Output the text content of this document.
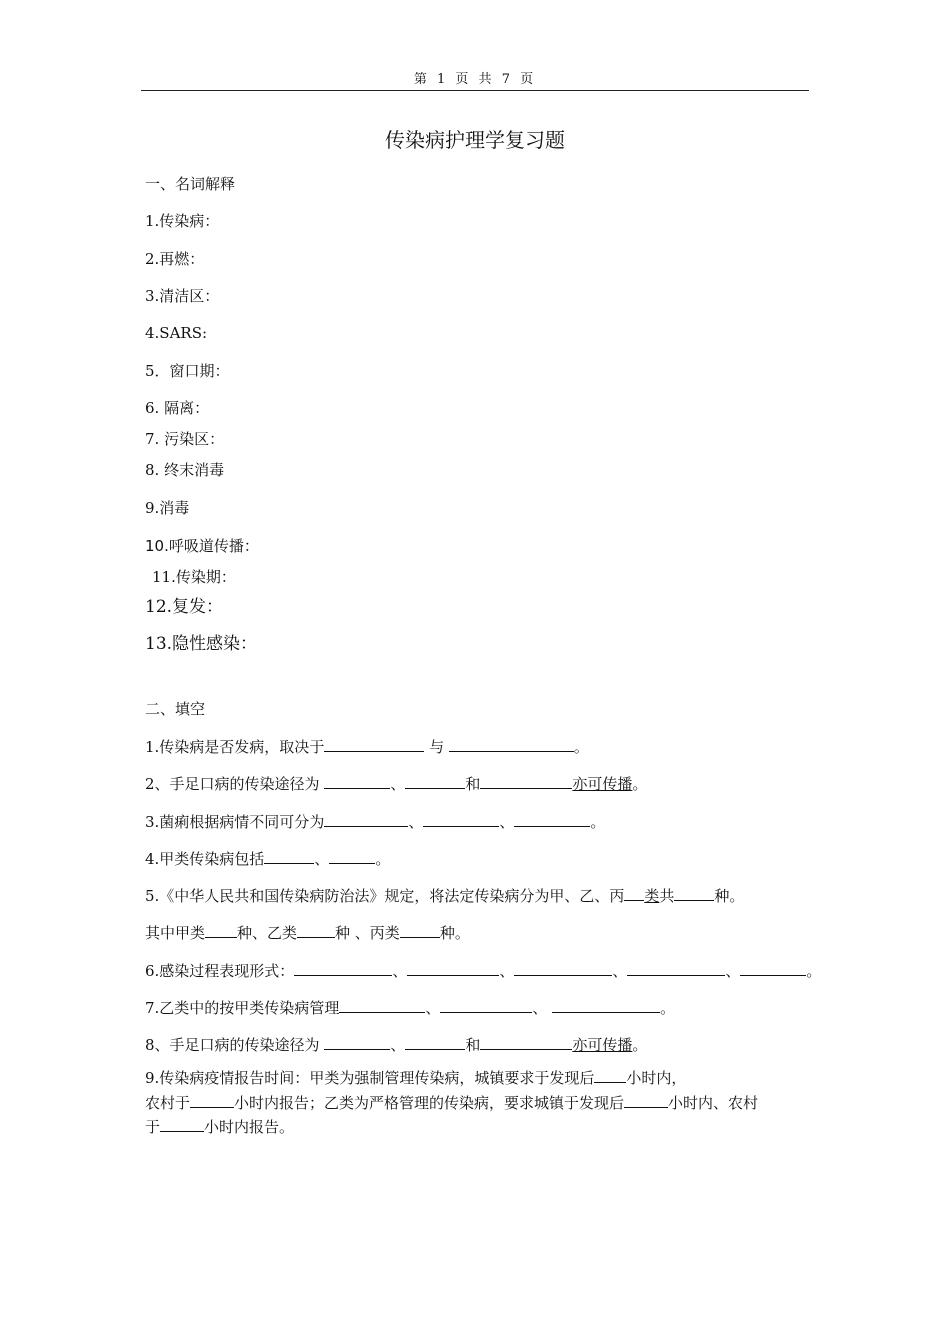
第 1 页 共 7 页
传染病护理学复习题
一、名词解释
1.传染病：
2.再燃：
3.清洁区：
4.SARS:
5．窗口期：
6. 隔离：
7. 污染区：
8. 终末消毒
9.消毒
10.呼吸道传播：
11.传染期：
12.复发：
13.隐性感染：
二、填空
1.传染病是否发病，取决于	与	。
2、手足口病的传染途径为	、	和	亦可传播。
3.菌痢根据病情不同可分为	、	、	。
4.甲类传染病包括	、	。
5.《中华人民共和国传染病防治法》规定，将法定传染病分为甲、乙、丙 类共	种。
其中甲类 种、乙类	种 、丙类	种。
6.感染过程表现形式：	、	、	、	、	。
7.乙类中的按甲类传染病管理	、	、	。
8、手足口病的传染途径为	、	和	亦可传播。
9.传染病疫情报告时间：甲类为强制管理传染病，城镇要求于发现后 小时内，
农村于	小时内报告；乙类为严格管理的传染病，要求城镇于发现后	小时内、农村
于	小时内报告。
